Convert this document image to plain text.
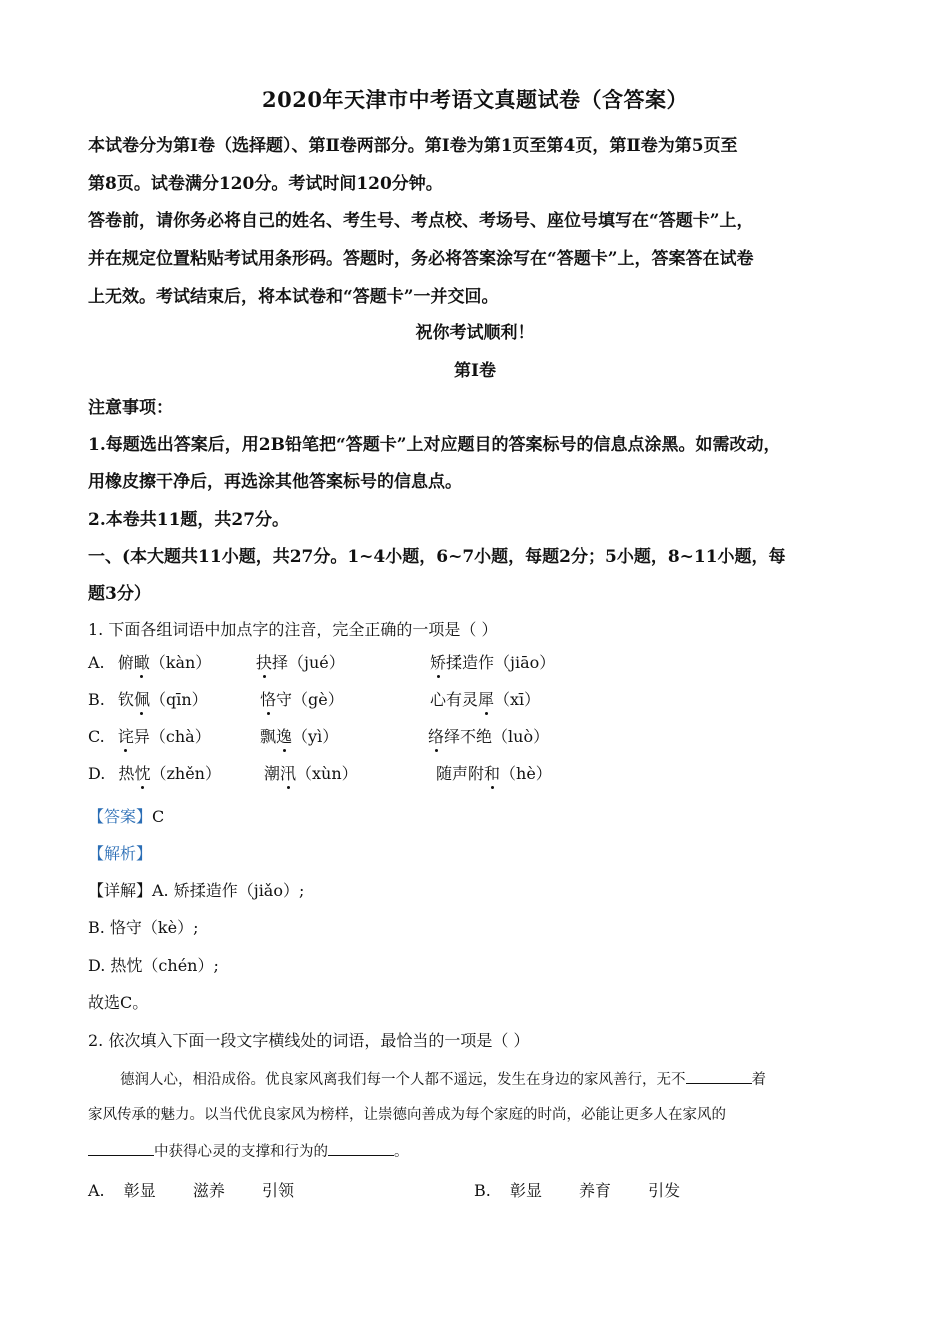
2020年天津市中考语文真题试卷（含答案）
本试卷分为第Ⅰ卷（选择题）、第Ⅱ卷两部分。第Ⅰ卷为第1页至第4页，第Ⅱ卷为第5页至
第8页。试卷满分120分。考试时间120分钟。
答卷前，请你务必将自己的姓名、考生号、考点校、考场号、座位号填写在“答题卡”上，
并在规定位置粘贴考试用条形码。答题时，务必将答案涂写在“答题卡”上，答案答在试卷
上无效。考试结束后，将本试卷和“答题卡”一并交回。
祝你考试顺利！
第Ⅰ卷
注意事项：
1.每题选出答案后，用2B铅笔把“答题卡”上对应题目的答案标号的信息点涂黑。如需改动，
用橡皮擦干净后，再选涂其他答案标号的信息点。
2.本卷共11题，共27分。
一、(本大题共11小题，共27分。1~4小题，6~7小题，每题2分；5小题，8~11小题，每
题3分）
1. 下面各组词语中加点字的注音，完全正确的一项是（ ）
A. 俯瞰（kàn）	抉择（jué）	矫揉造作（jiāo）
B. 钦佩（qīn）	恪守（gè）	心有灵犀（xī）
C. 诧异（chà）	飘逸（yì）	络绎不绝（luò）
D. 热忱（zhěn）	潮汛（xùn）	随声附和（hè）
【答案】C
【解析】
【详解】A. 矫揉造作（jiǎo）;
B. 恪守（kè）;
D. 热忱（chén）;
故选C。
2. 依次填入下面一段文字横线处的词语，最恰当的一项是（ ）
德润人心，相沿成俗。优良家风离我们每一个人都不遥远，发生在身边的家风善行，无不	着
家风传承的魅力。以当代优良家风为榜样，让崇德向善成为每个家庭的时尚，必能让更多人在家风的
中获得心灵的支撑和行为的	。
A. 彰显 滋养 引领	B. 彰显 养育 引发
